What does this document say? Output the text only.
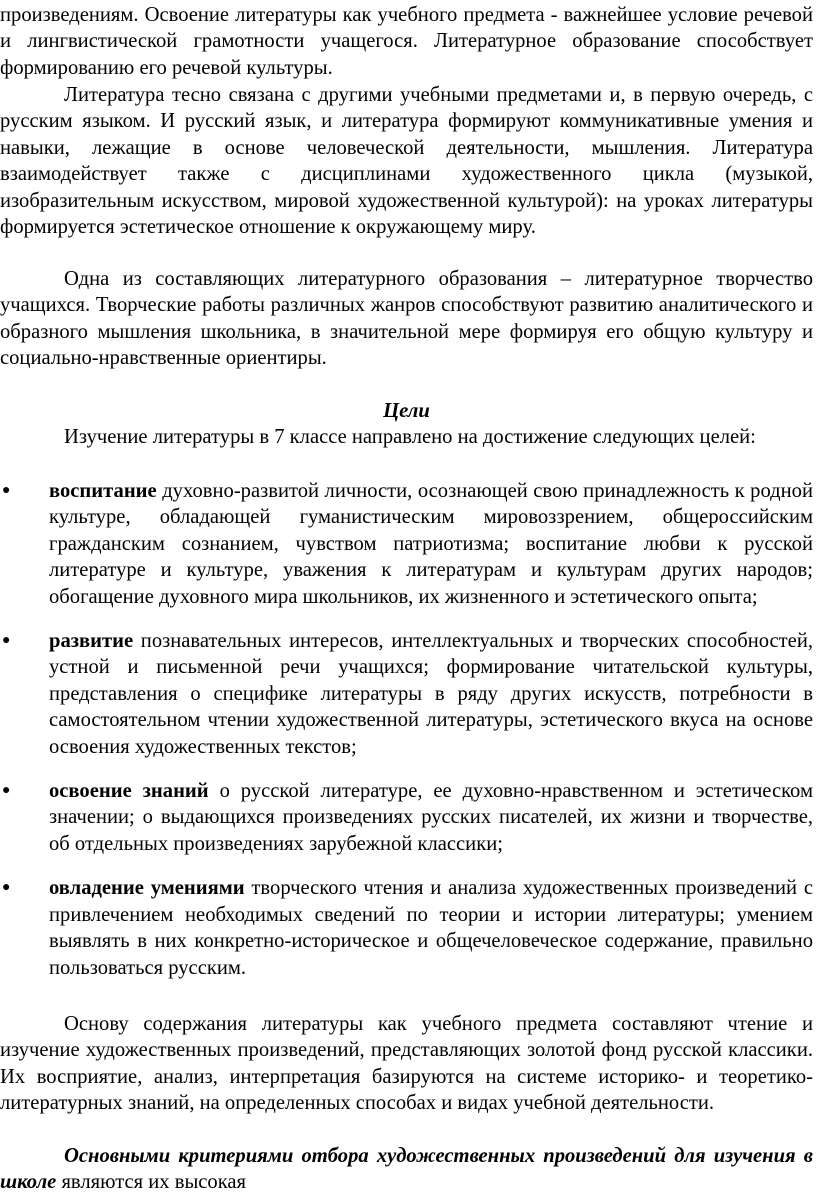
произведениям. Освоение литературы как учебного предмета - важнейшее условие речевой и лингвистической грамотности учащегося. Литературное образование способствует формированию его речевой культуры.

Литература тесно связана с другими учебными предметами и, в первую очередь, с русским языком. И русский язык, и литература формируют коммуникативные умения и навыки, лежащие в основе человеческой деятельности, мышления. Литература взаимодействует также с дисциплинами художественного цикла (музыкой, изобразительным искусством, мировой художественной культурой): на уроках литературы формируется эстетическое отношение к окружающему миру.

Одна из составляющих литературного образования – литературное творчество учащихся. Творческие работы различных жанров способствуют развитию аналитического и образного мышления школьника, в значительной мере формируя его общую культуру и социально-нравственные ориентиры.

Цели

Изучение литературы в 7 классе направлено на достижение следующих целей:

● воспитание духовно-развитой личности, осознающей свою принадлежность к родной культуре, обладающей гуманистическим мировоззрением, общероссийским гражданским сознанием, чувством патриотизма; воспитание любви к русской литературе и культуре, уважения к литературам и культурам других народов; обогащение духовного мира школьников, их жизненного и эстетического опыта;
● развитие познавательных интересов, интеллектуальных и творческих способностей, устной и письменной речи учащихся; формирование читательской культуры, представления о специфике литературы в ряду других искусств, потребности в самостоятельном чтении художественной литературы, эстетического вкуса на основе освоения художественных текстов;
● освоение знаний о русской литературе, ее духовно-нравственном и эстетическом значении; о выдающихся произведениях русских писателей, их жизни и творчестве, об отдельных произведениях зарубежной классики;
● овладение умениями творческого чтения и анализа художественных произведений с привлечением необходимых сведений по теории и истории литературы; умением выявлять в них конкретно-историческое и общечеловеческое содержание, правильно пользоваться русским.

Основу содержания литературы как учебного предмета составляют чтение и изучение художественных произведений, представляющих золотой фонд русской классики. Их восприятие, анализ, интерпретация базируются на системе историко- и теоретико-литературных знаний, на определенных способах и видах учебной деятельности.

Основными критериями отбора художественных произведений для изучения в школе являются их высокая
